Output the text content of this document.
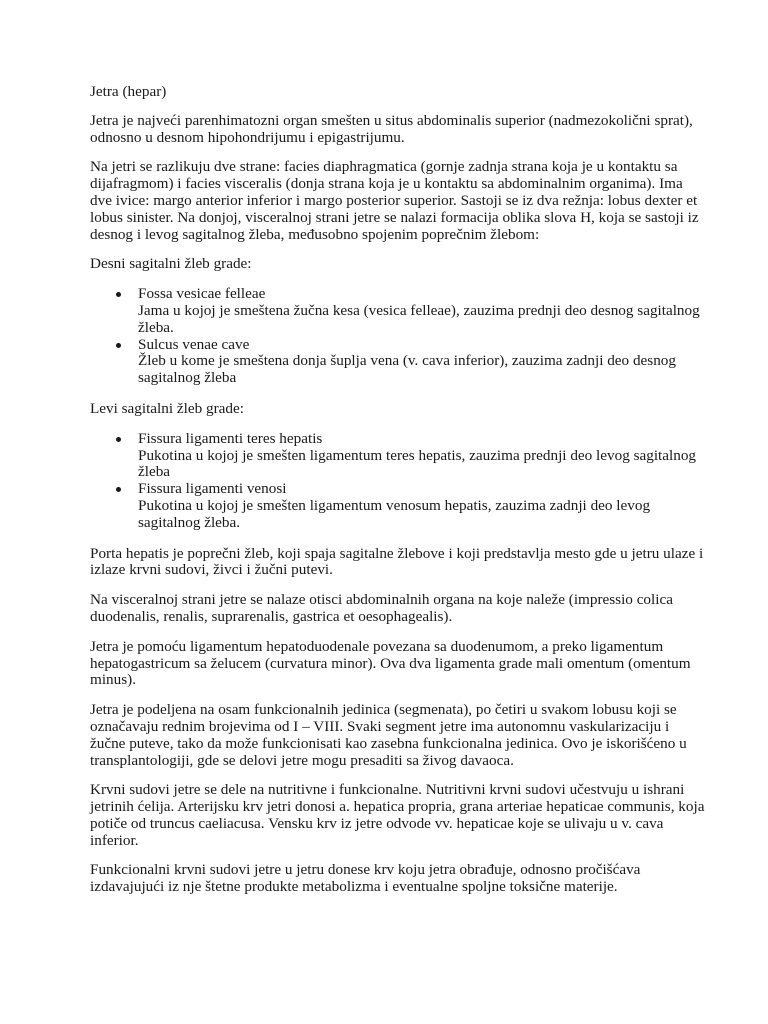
Jetra (hepar)

Jetra je najveći parenhimatozni organ smešten u situs abdominalis superior (nadmezokolični sprat), odnosno u desnom hipohondrijumu i epigastrijumu.

Na jetri se razlikuju dve strane: facies diaphragmatica (gornje zadnja strana koja je u kontaktu sa dijafragmom) i facies visceralis (donja strana koja je u kontaktu sa abdominalnim organima). Ima dve ivice: margo anterior inferior i margo posterior superior. Sastoji se iz dva režnja: lobus dexter et lobus sinister. Na donjoj, visceralnoj strani jetre se nalazi formacija oblika slova H, koja se sastoji iz desnog i levog sagitalnog žleba, međusobno spojenim poprečnim žlebom:

Desni sagitalni žleb grade:

Fossa vesicae felleae
Jama u kojoj je smeštena žučna kesa (vesica felleae), zauzima prednji deo desnog sagitalnog žleba.
Sulcus venae cave
Žleb u kome je smeštena donja šuplja vena (v. cava inferior), zauzima zadnji deo desnog sagitalnog žleba

Levi sagitalni žleb grade:

Fissura ligamenti teres hepatis
Pukotina u kojoj je smešten ligamentum teres hepatis, zauzima prednji deo levog sagitalnog žleba
Fissura ligamenti venosi
Pukotina u kojoj je smešten ligamentum venosum hepatis, zauzima zadnji deo levog sagitalnog žleba.

Porta hepatis je poprečni žleb, koji spaja sagitalne žlebove i koji predstavlja mesto gde u jetru ulaze i izlaze krvni sudovi, živci i žučni putevi.

Na visceralnoj strani jetre se nalaze otisci abdominalnih organa na koje naleže (impressio colica duodenalis, renalis, suprarenalis, gastrica et oesophagealis).

Jetra je pomoću ligamentum hepatoduodenale povezana sa duodenumom, a preko ligamentum hepatogastricum sa želucem (curvatura minor). Ova dva ligamenta grade mali omentum (omentum minus).

Jetra je podeljena na osam funkcionalnih jedinica (segmenata), po četiri u svakom lobusu koji se označavaju rednim brojevima od I – VIII. Svaki segment jetre ima autonomnu vaskularizaciju i žučne puteve, tako da može funkcionisati kao zasebna funkcionalna jedinica. Ovo je iskorišćeno u transplantologiji, gde se delovi jetre mogu presaditi sa živog davaoca.

Krvni sudovi jetre se dele na nutritivne i funkcionalne. Nutritivni krvni sudovi učestvuju u ishrani jetrinih ćelija. Arterijsku krv jetri donosi a. hepatica propria, grana arteriae hepaticae communis, koja potiče od truncus caeliacusa. Vensku krv iz jetre odvode vv. hepaticae koje se ulivaju u v. cava inferior.

Funkcionalni krvni sudovi jetre u jetru donese krv koju jetra obrađuje, odnosno pročišćava izdavajujući iz nje štetne produkte metabolizma i eventualne spoljne toksične materije.
